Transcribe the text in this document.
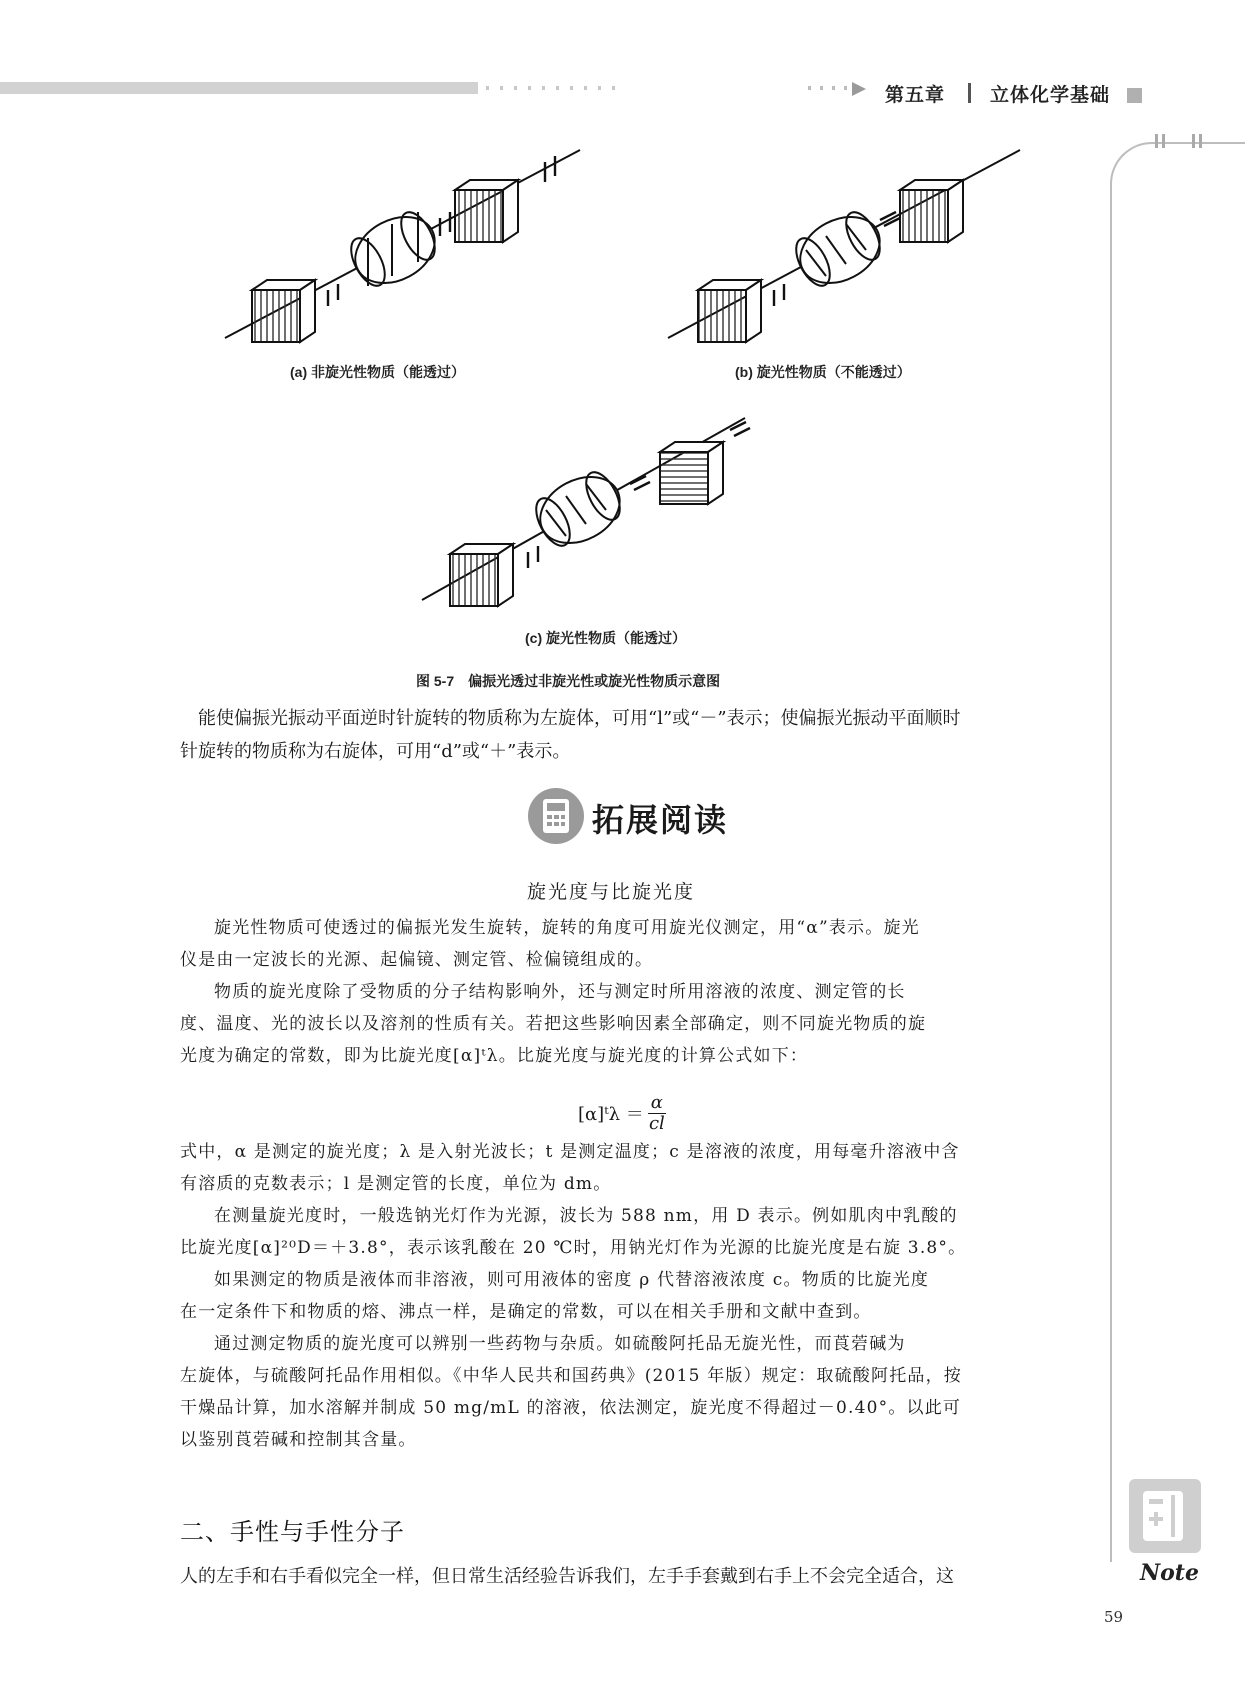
第五章 立体化学基础
(a) 非旋光性物质（能透过）	(b) 旋光性物质（不能透过）
(c) 旋光性物质（能透过）
图 5-7　偏振光透过非旋光性或旋光性物质示意图
能使偏振光振动平面逆时针旋转的物质称为左旋体，可用“l”或“－”表示；使偏振光振动平面顺时
针旋转的物质称为右旋体，可用“d”或“＋”表示。
拓展阅读
旋光度与比旋光度
旋光性物质可使透过的偏振光发生旋转，旋转的角度可用旋光仪测定，用“α”表示。旋光
仪是由一定波长的光源、起偏镜、测定管、检偏镜组成的。
物质的旋光度除了受物质的分子结构影响外，还与测定时所用溶液的浓度、测定管的长
度、温度、光的波长以及溶剂的性质有关。若把这些影响因素全部确定，则不同旋光物质的旋
光度为确定的常数，即为比旋光度[α]ᵗλ。比旋光度与旋光度的计算公式如下：
[α]ᵗλ ＝ $\frac{\alpha}{cl}$
式中，α 是测定的旋光度；λ 是入射光波长；t 是测定温度；c 是溶液的浓度，用每毫升溶液中含
有溶质的克数表示；l 是测定管的长度，单位为 dm。
在测量旋光度时，一般选钠光灯作为光源，波长为 588 nm，用 D 表示。例如肌肉中乳酸的
比旋光度[α]²⁰D＝＋3.8°，表示该乳酸在 20 ℃时，用钠光灯作为光源的比旋光度是右旋 3.8°。
如果测定的物质是液体而非溶液，则可用液体的密度 ρ 代替溶液浓度 c。物质的比旋光度
在一定条件下和物质的熔、沸点一样，是确定的常数，可以在相关手册和文献中查到。
通过测定物质的旋光度可以辨别一些药物与杂质。如硫酸阿托品无旋光性，而莨菪碱为
左旋体，与硫酸阿托品作用相似。《中华人民共和国药典》(2015 年版）规定：取硫酸阿托品，按
干燥品计算，加水溶解并制成 50 mg/mL 的溶液，依法测定，旋光度不得超过－0.40°。以此可
以鉴别莨菪碱和控制其含量。
二、手性与手性分子
人的左手和右手看似完全一样，但日常生活经验告诉我们，左手手套戴到右手上不会完全适合，这	Note
59
